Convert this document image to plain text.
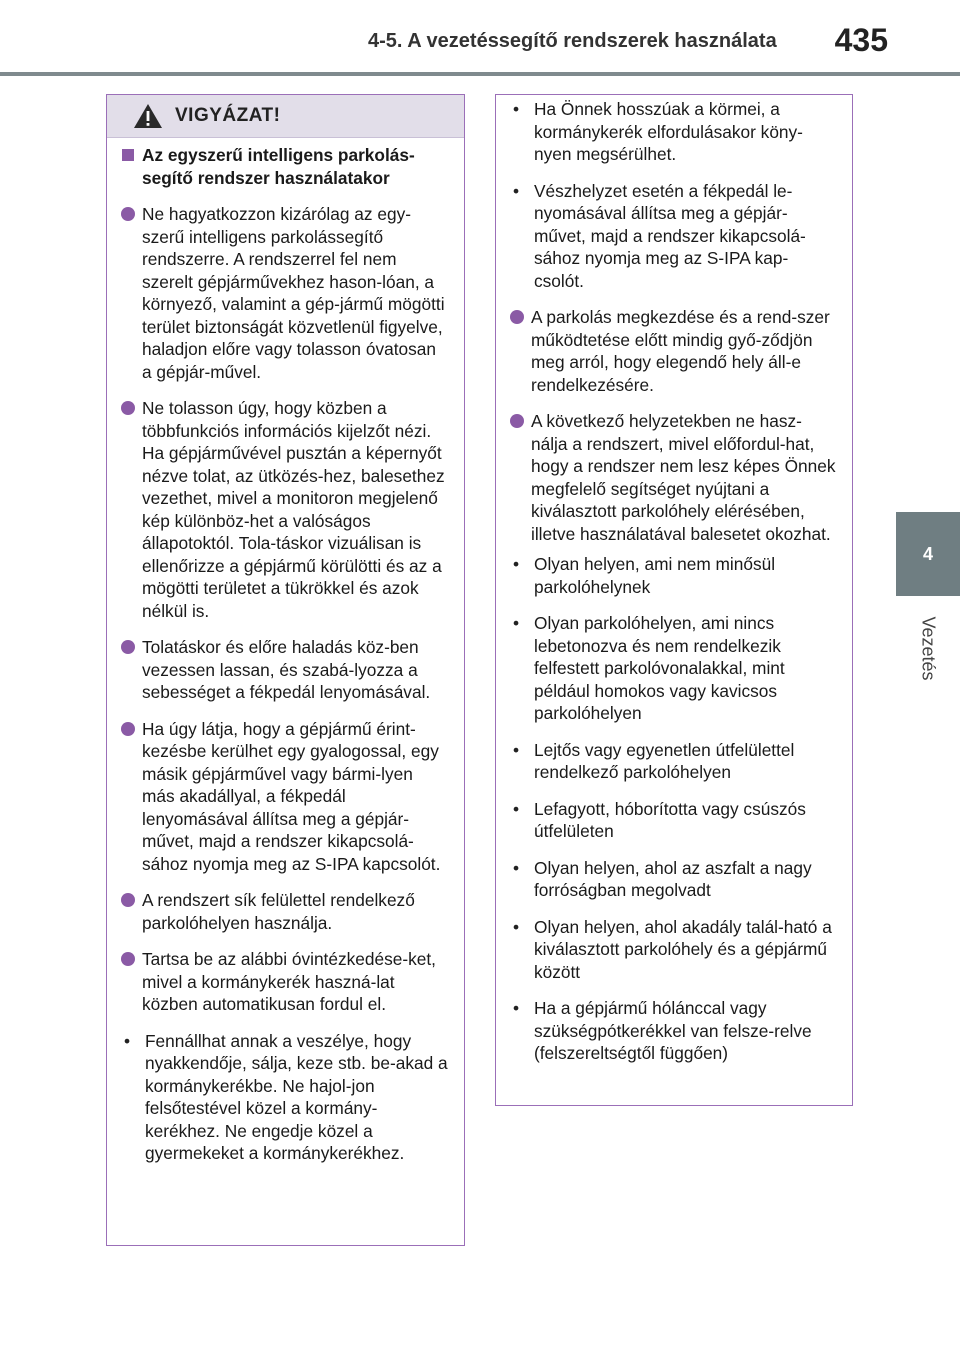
4-5. A vezetéssegítő rendszerek használata	435
4
Vezetés
VIGYÁZAT!
Az egyszerű intelligens parkolás-segítő rendszer használatakor
Ne hagyatkozzon kizárólag az egy-szerű intelligens parkolássegítő rendszerre. A rendszerrel fel nem szerelt gépjárművekhez hason-lóan, a környező, valamint a gép-jármű mögötti terület biztonságát közvetlenül figyelve, haladjon előre vagy tolasson óvatosan a gépjár-művel.
Ne tolasson úgy, hogy közben a többfunkciós információs kijelzőt nézi. Ha gépjárművével pusztán a képernyőt nézve tolat, az ütközés-hez, balesethez vezethet, mivel a monitoron megjelenő kép különböz-het a valóságos állapotoktól. Tola-táskor vizuálisan is ellenőrizze a gépjármű körülötti és az a mögötti területet a tükrökkel és azok nélkül is.
Tolatáskor és előre haladás köz-ben vezessen lassan, és szabá-lyozza a sebességet a fékpedál lenyomásával.
Ha úgy látja, hogy a gépjármű érint-kezésbe kerülhet egy gyalogossal, egy másik gépjárművel vagy bármi-lyen más akadállyal, a fékpedál lenyomásával állítsa meg a gépjár-művet, majd a rendszer kikapcsolá-sához nyomja meg az S-IPA kapcsolót.
A rendszert sík felülettel rendelkező parkolóhelyen használja.
Tartsa be az alábbi óvintézkedése-ket, mivel a kormánykerék haszná-lat közben automatikusan fordul el.
• Fennállhat annak a veszélye, hogy nyakkendője, sálja, keze stb. be-akad a kormánykerékbe. Ne hajol-jon felsőtestével közel a kormány-kerékhez. Ne engedje közel a gyermekeket a kormánykerékhez.
• Ha Önnek hosszúak a körmei, a kormánykerék elfordulásakor köny-nyen megsérülhet.
• Vészhelyzet esetén a fékpedál le-nyomásával állítsa meg a gépjár-művet, majd a rendszer kikapcsolá-sához nyomja meg az S-IPA kap-csolót.
A parkolás megkezdése és a rend-szer működtetése előtt mindig győ-ződjön meg arról, hogy elegendő hely áll-e rendelkezésére.
A következő helyzetekben ne hasz-nálja a rendszert, mivel előfordul-hat, hogy a rendszer nem lesz képes Önnek megfelelő segítséget nyújtani a kiválasztott parkolóhely elérésében, illetve használatával balesetet okozhat.
• Olyan helyen, ami nem minősül parkolóhelynek
• Olyan parkolóhelyen, ami nincs lebetonozva és nem rendelkezik felfestett parkolóvonalakkal, mint például homokos vagy kavicsos parkolóhelyen
• Lejtős vagy egyenetlen útfelülettel rendelkező parkolóhelyen
• Lefagyott, hóborította vagy csúszós útfelületen
• Olyan helyen, ahol az aszfalt a nagy forróságban megolvadt
• Olyan helyen, ahol akadály talál-ható a kiválasztott parkolóhely és a gépjármű között
• Ha a gépjármű hólánccal vagy szükségpótkerékkel van felsze-relve (felszereltségtől függően)
